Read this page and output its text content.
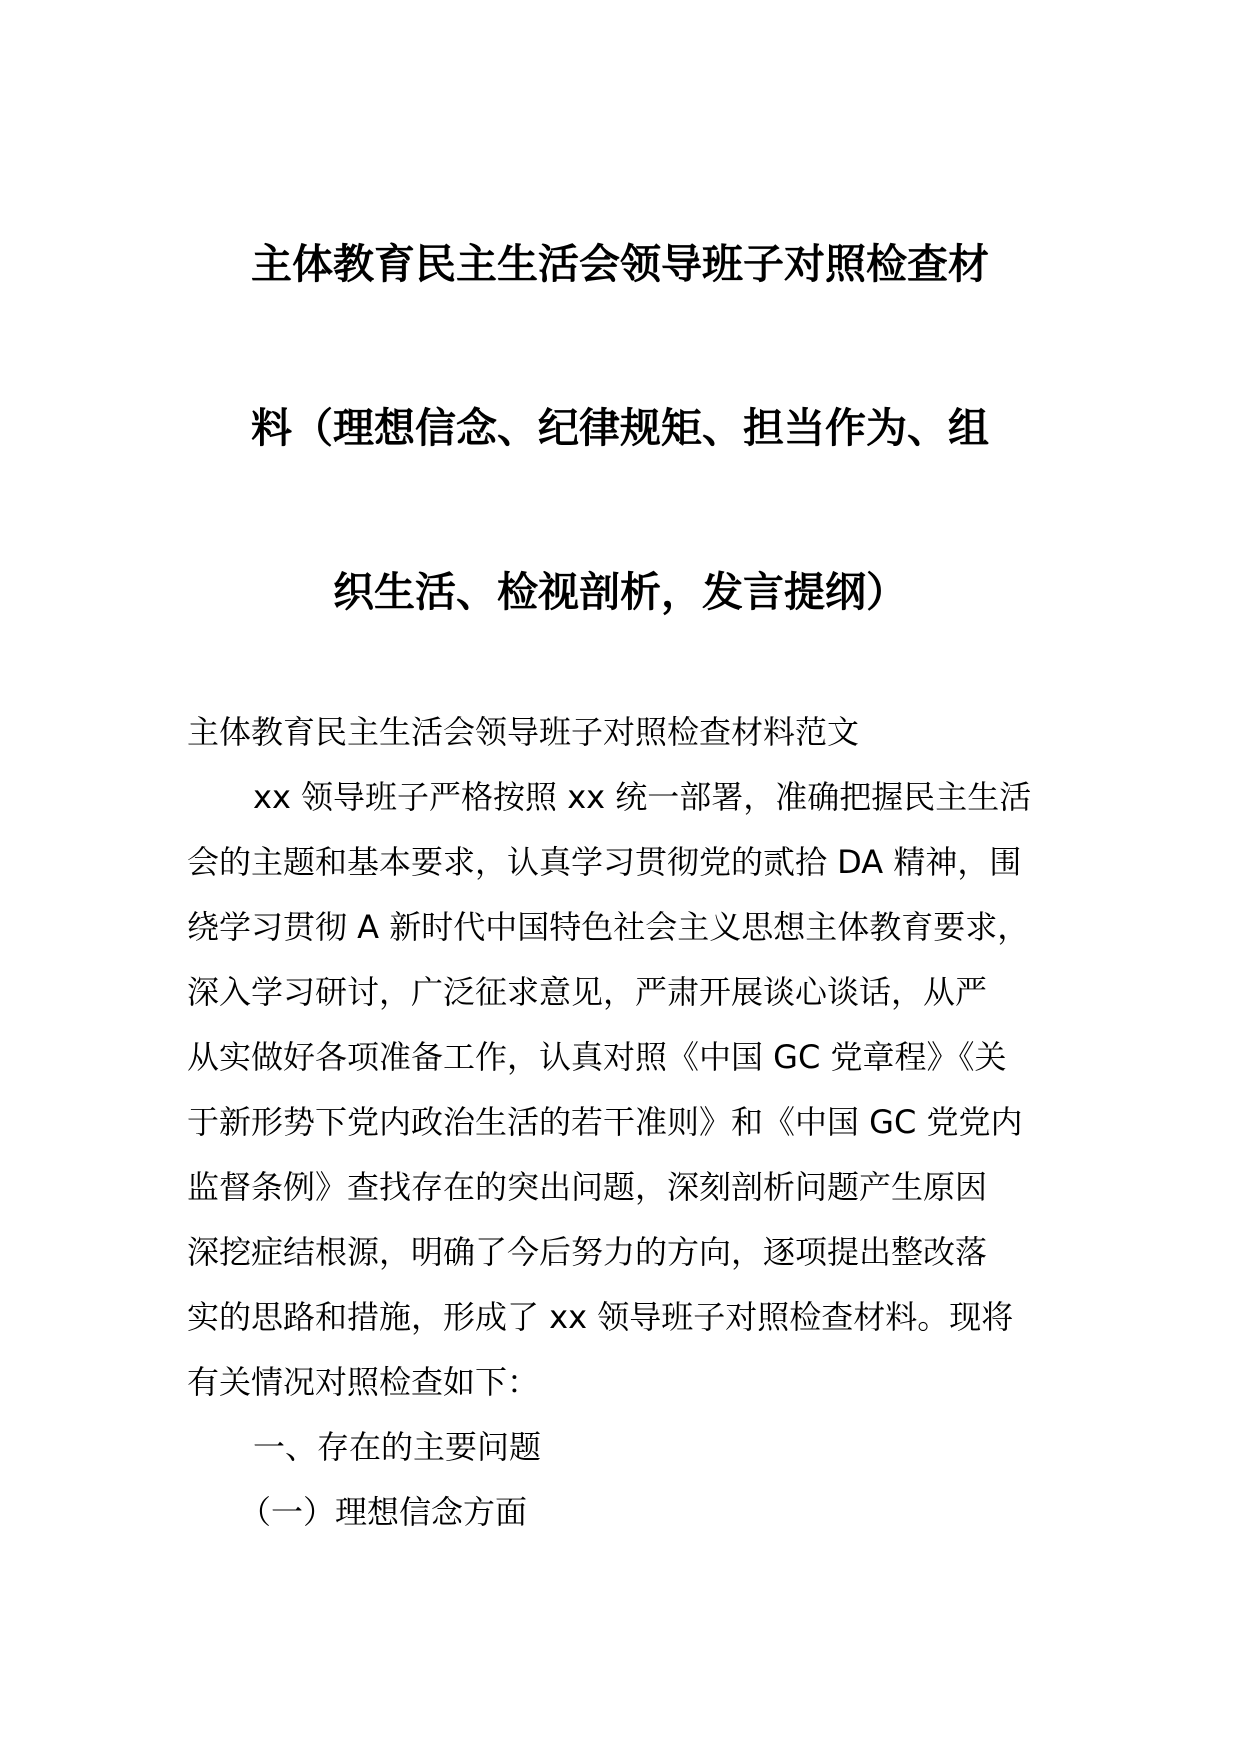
主体教育民主生活会领导班子对照检查材
料（理想信念、纪律规矩、担当作为、组
织生活、检视剖析，发言提纲）
主体教育民主生活会领导班子对照检查材料范文
xx 领导班子严格按照 xx 统一部署，准确把握民主生活
会的主题和基本要求，认真学习贯彻党的贰拾 DA 精神，围
绕学习贯彻 A 新时代中国特色社会主义思想主体教育要求，
深入学习研讨，广泛征求意见，严肃开展谈心谈话，从严
从实做好各项准备工作，认真对照《中国 GC 党章程》《关
于新形势下党内政治生活的若干准则》和《中国 GC 党党内
监督条例》查找存在的突出问题，深刻剖析问题产生原因
深挖症结根源，明确了今后努力的方向，逐项提出整改落
实的思路和措施，形成了 xx 领导班子对照检查材料。现将
有关情况对照检查如下：
一、存在的主要问题
（一）理想信念方面
